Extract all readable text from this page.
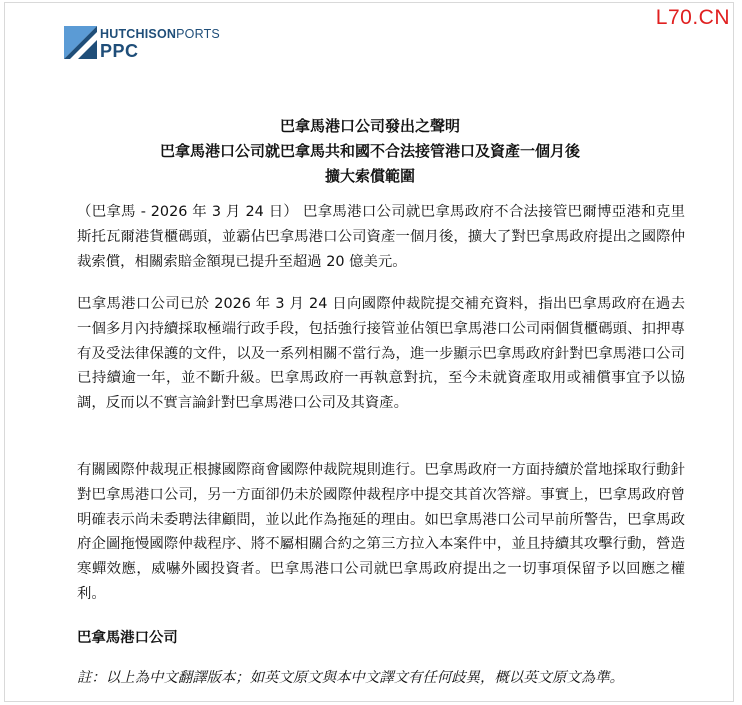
L70.CN
HUTCHISONPORTS
PPC
巴拿馬港口公司發出之聲明
巴拿馬港口公司就巴拿馬共和國不合法接管港口及資產一個月後
擴大索償範圍
（巴拿馬 - 2026 年 3 月 24 日） 巴拿馬港口公司就巴拿馬政府不合法接管巴爾博亞港和克里斯托瓦爾港貨櫃碼頭，並霸佔巴拿馬港口公司資產一個月後，擴大了對巴拿馬政府提出之國際仲裁索償，相關索賠金額現已提升至超過 20 億美元。
巴拿馬港口公司已於 2026 年 3 月 24 日向國際仲裁院提交補充資料，指出巴拿馬政府在過去一個多月內持續採取極端行政手段，包括強行接管並佔領巴拿馬港口公司兩個貨櫃碼頭、扣押專有及受法律保護的文件，以及一系列相關不當行為，進一步顯示巴拿馬政府針對巴拿馬港口公司已持續逾一年，並不斷升級。巴拿馬政府一再執意對抗，至今未就資產取用或補償事宜予以協調，反而以不實言論針對巴拿馬港口公司及其資產。
有關國際仲裁現正根據國際商會國際仲裁院規則進行。巴拿馬政府一方面持續於當地採取行動針對巴拿馬港口公司，另一方面卻仍未於國際仲裁程序中提交其首次答辯。事實上，巴拿馬政府曾明確表示尚未委聘法律顧問，並以此作為拖延的理由。如巴拿馬港口公司早前所警告，巴拿馬政府企圖拖慢國際仲裁程序、將不屬相關合約之第三方拉入本案件中，並且持續其攻擊行動，營造寒蟬效應，威嚇外國投資者。巴拿馬港口公司就巴拿馬政府提出之一切事項保留予以回應之權利。
巴拿馬港口公司
註：以上為中文翻譯版本；如英文原文與本中文譯文有任何歧異，概以英文原文為準。
